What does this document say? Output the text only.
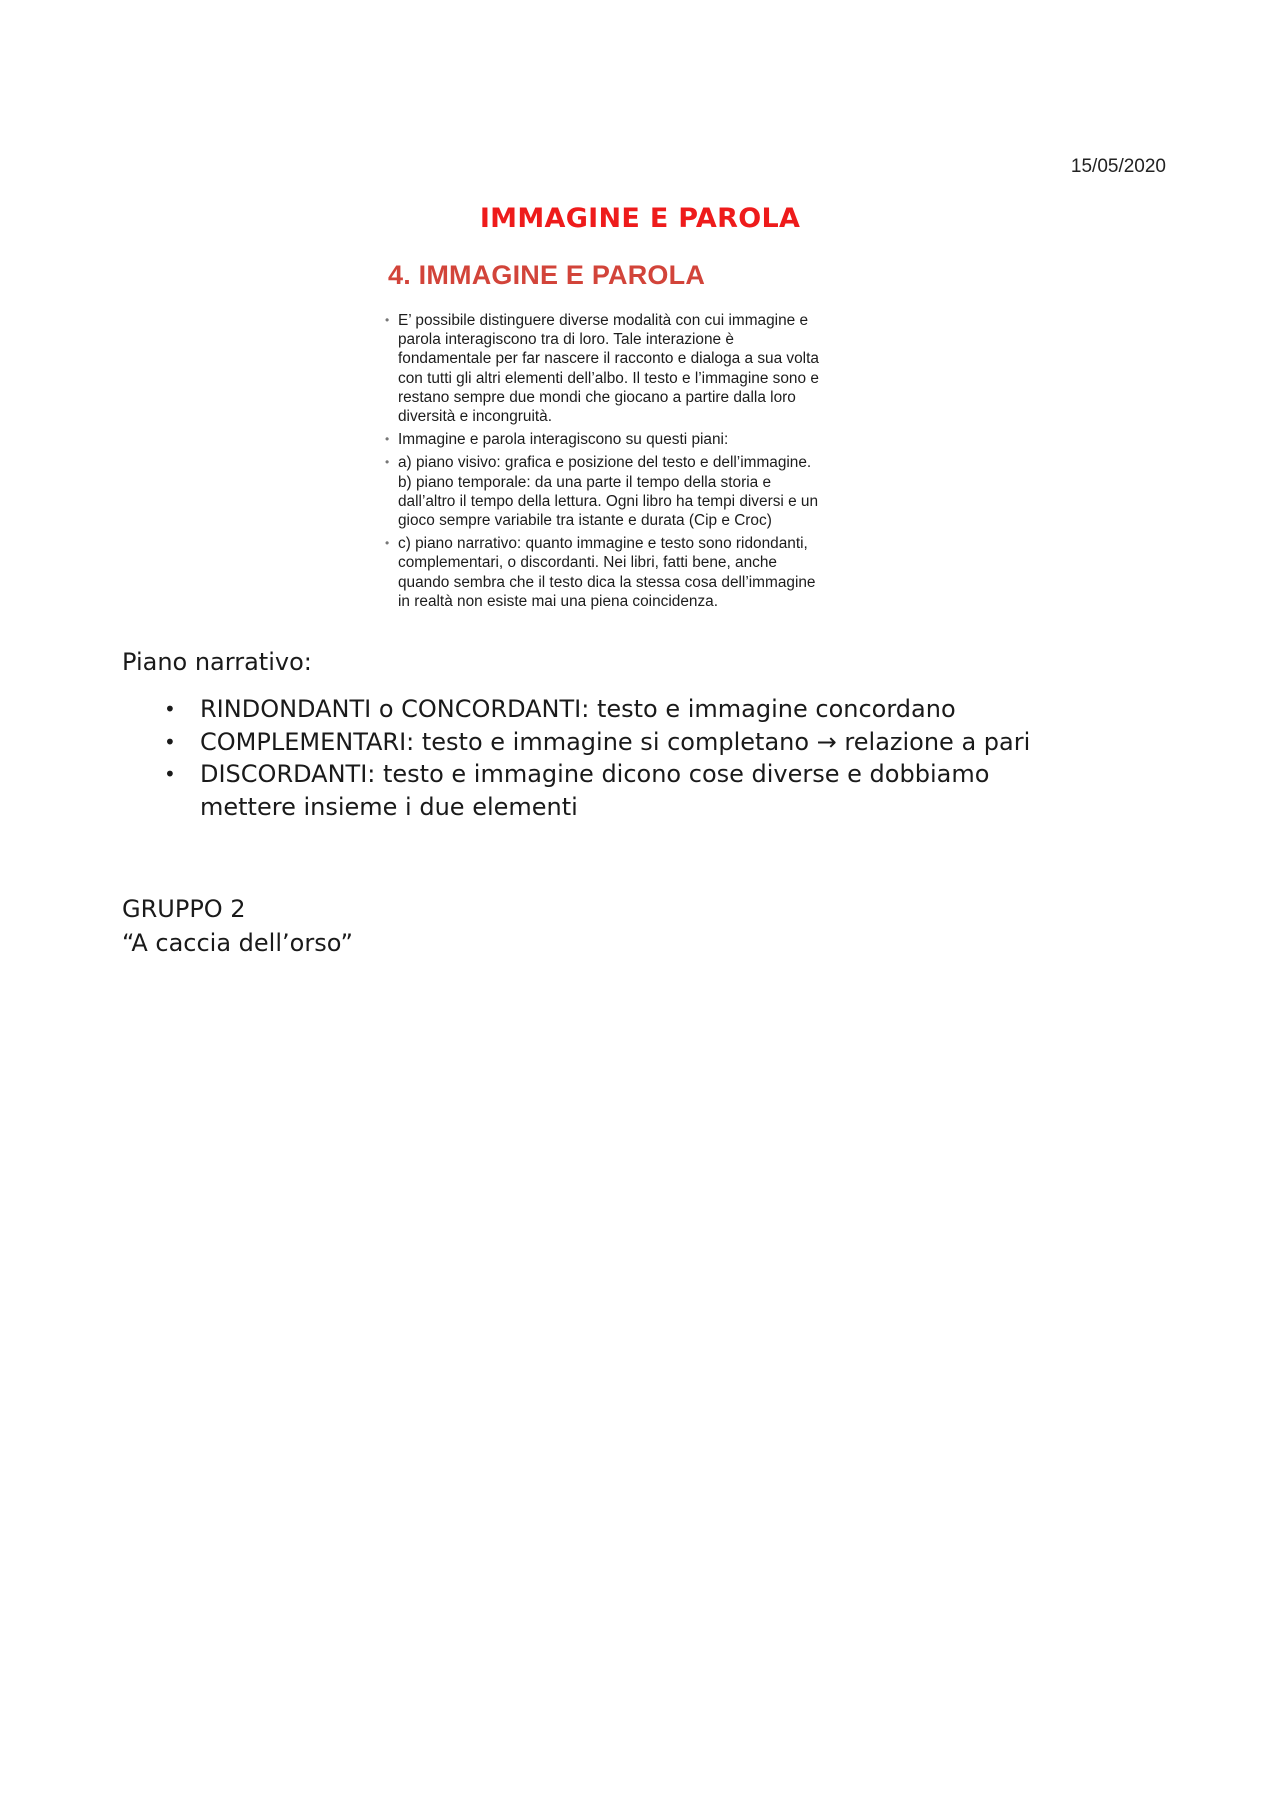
15/05/2020
IMMAGINE E PAROLA
4. IMMAGINE E PAROLA
• E’ possibile distinguere diverse modalità con cui immagine e
parola interagiscono tra di loro. Tale interazione è
fondamentale per far nascere il racconto e dialoga a sua volta
con tutti gli altri elementi dell’albo. Il testo e l’immagine sono e
restano sempre due mondi che giocano a partire dalla loro
diversità e incongruità.
• Immagine e parola interagiscono su questi piani:
• a) piano visivo: grafica e posizione del testo e dell’immagine.
b) piano temporale: da una parte il tempo della storia e
dall’altro il tempo della lettura. Ogni libro ha tempi diversi e un
gioco sempre variabile tra istante e durata (Cip e Croc)
• c) piano narrativo: quanto immagine e testo sono ridondanti,
complementari, o discordanti. Nei libri, fatti bene, anche
quando sembra che il testo dica la stessa cosa dell’immagine
in realtà non esiste mai una piena coincidenza.
Piano narrativo:
• RINDONDANTI o CONCORDANTI: testo e immagine concordano
• COMPLEMENTARI: testo e immagine si completano → relazione a pari
• DISCORDANTI: testo e immagine dicono cose diverse e dobbiamo
mettere insieme i due elementi
GRUPPO 2
“A caccia dell’orso”
